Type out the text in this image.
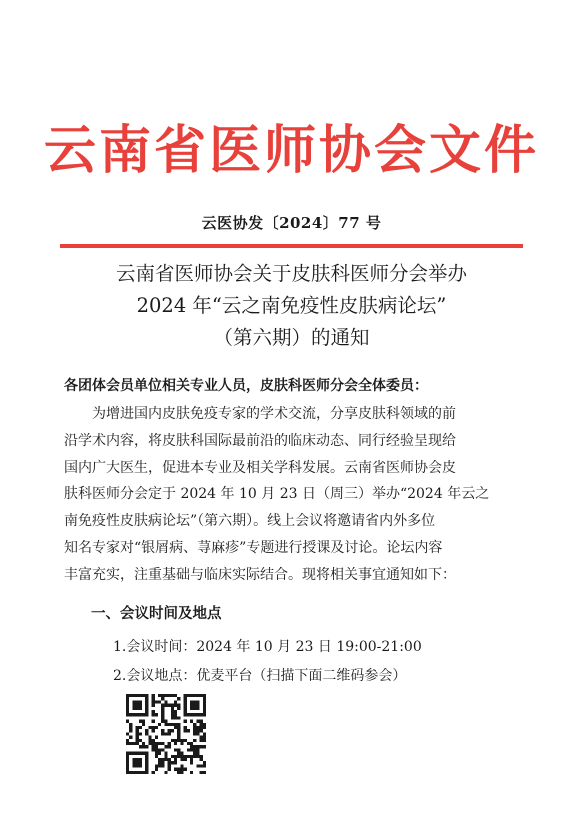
云南省医师协会文件
云医协发〔2024〕77 号
云南省医师协会关于皮肤科医师分会举办
2024 年“云之南免疫性皮肤病论坛”
（第六期）的通知
各团体会员单位相关专业人员，皮肤科医师分会全体委员：

为增进国内皮肤免疫专家的学术交流，分享皮肤科领域的前

沿学术内容，将皮肤科国际最前沿的临床动态、同行经验呈现给

国内广大医生，促进本专业及相关学科发展。云南省医师协会皮

肤科医师分会定于 2024 年 10 月 23 日（周三）举办“2024 年云之

南免疫性皮肤病论坛”（第六期）。线上会议将邀请省内外多位

知名专家对“银屑病、荨麻疹”专题进行授课及讨论。论坛内容

丰富充实，注重基础与临床实际结合。现将相关事宜通知如下：

一、会议时间及地点
1.会议时间：2024 年 10 月 23 日 19:00-21:00
2.会议地点：优麦平台（扫描下面二维码参会）
